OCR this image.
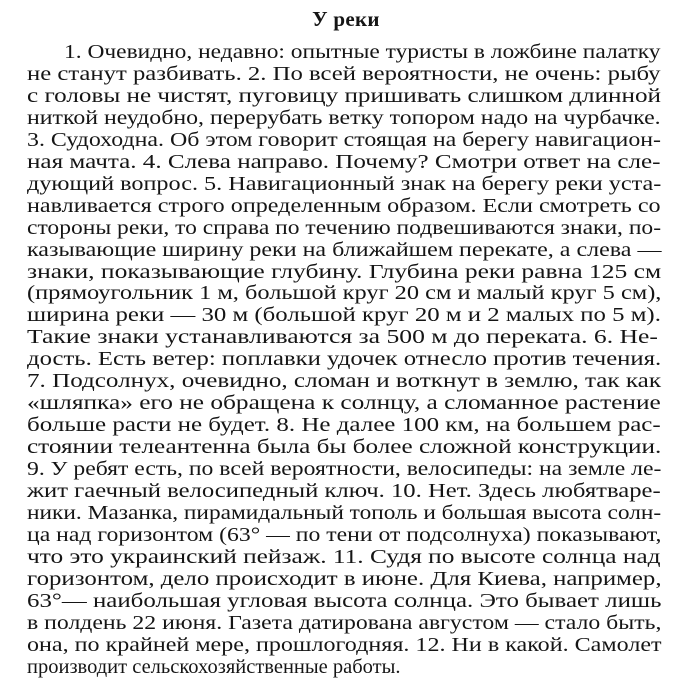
У реки
1. Очевидно, недавно: опытные туристы в ложбине палатку
не станут разбивать. 2. По всей вероятности, не очень: рыбу
с головы не чистят, пуговицу пришивать слишком длинной
ниткой неудобно, перерубать ветку топором надо на чурбачке.
3. Судоходна. Об этом говорит стоящая на берегу навигацион-
ная мачта. 4. Слева направо. Почему? Смотри ответ на сле-
дующий вопрос. 5. Навигационный знак на берегу реки уста-
навливается строго определенным образом. Если смотреть со
стороны реки, то справа по течению подвешиваются знаки, по-
казывающие ширину реки на ближайшем перекате, а слева —
знаки, показывающие глубину. Глубина реки равна 125 см
(прямоугольник 1 м, большой круг 20 см и малый круг 5 см),
ширина реки — 30 м (большой круг 20 м и 2 малых по 5 м).
Такие знаки устанавливаются за 500 м до переката. 6. Не-
дость. Есть ветер: поплавки удочек отнесло против течения.
7. Подсолнух, очевидно, сломан и воткнут в землю, так как
«шляпка» его не обращена к солнцу, а сломанное растение
больше расти не будет. 8. Не далее 100 км, на большем рас-
стоянии телеантенна была бы более сложной конструкции.
9. У ребят есть, по всей вероятности, велосипеды: на земле ле-
жит гаечный велосипедный ключ. 10. Нет. Здесь любятваре-
ники. Мазанка, пирамидальный тополь и большая высота солн-
ца над горизонтом (63° — по тени от подсолнуха) показывают,
что это украинский пейзаж. 11. Судя по высоте солнца над
горизонтом, дело происходит в июне. Для Киева, например,
63°— наибольшая угловая высота солнца. Это бывает лишь
в полдень 22 июня. Газета датирована августом — стало быть,
она, по крайней мере, прошлогодняя. 12. Ни в какой. Самолет
производит сельскохозяйственные работы.
